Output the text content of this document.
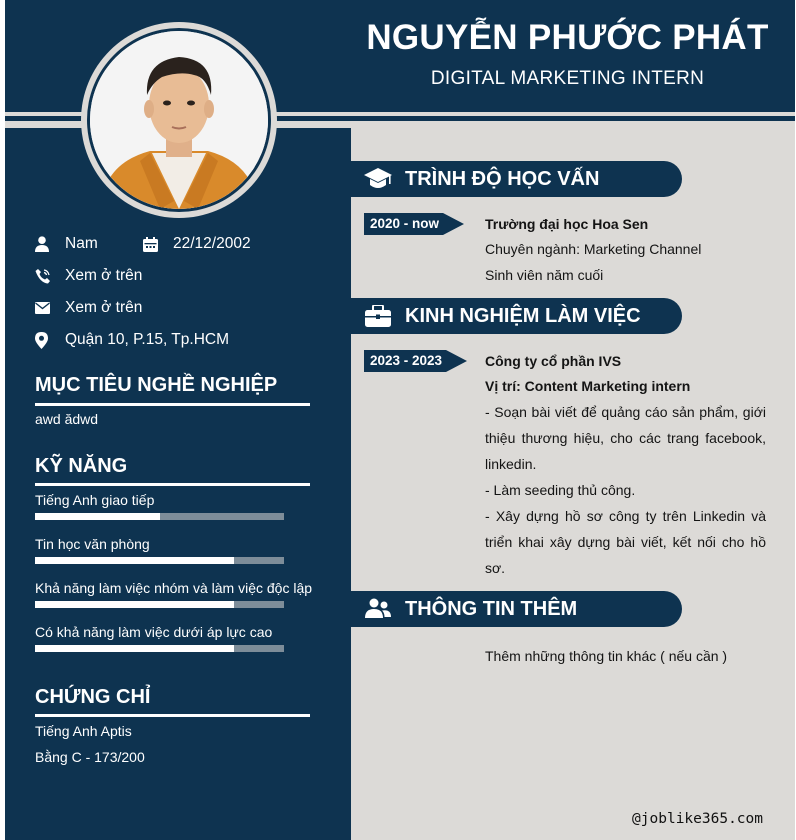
NGUYỄN PHƯỚC PHÁT
DIGITAL MARKETING INTERN
Nam	22/12/2002
Xem ở trên
Xem ở trên
Quận 10, P.15, Tp.HCM
MỤC TIÊU NGHỀ NGHIỆP
awd ădwd
KỸ NĂNG
Tiếng Anh giao tiếp
Tin học văn phòng
Khả năng làm việc nhóm và làm việc độc lập
Có khả năng làm việc dưới áp lực cao
CHỨNG CHỈ
Tiếng Anh Aptis
Bằng C - 173/200
TRÌNH ĐỘ HỌC VẤN
2020 - now	Trường đại học Hoa Sen
Chuyên ngành: Marketing Channel
Sinh viên năm cuối
KINH NGHIỆM LÀM VIỆC
2023 - 2023	Công ty cổ phần IVS
Vị trí: Content Marketing intern

- Soạn bài viết để quảng cáo sản phẩm, giới thiệu thương hiệu, cho các trang facebook, linkedin.

- Làm seeding thủ công.

- Xây dựng hồ sơ công ty trên Linkedin và triển khai xây dựng bài viết, kết nối cho hồ sơ.

THÔNG TIN THÊM
Thêm những thông tin khác ( nếu cần )
@joblike365.com
